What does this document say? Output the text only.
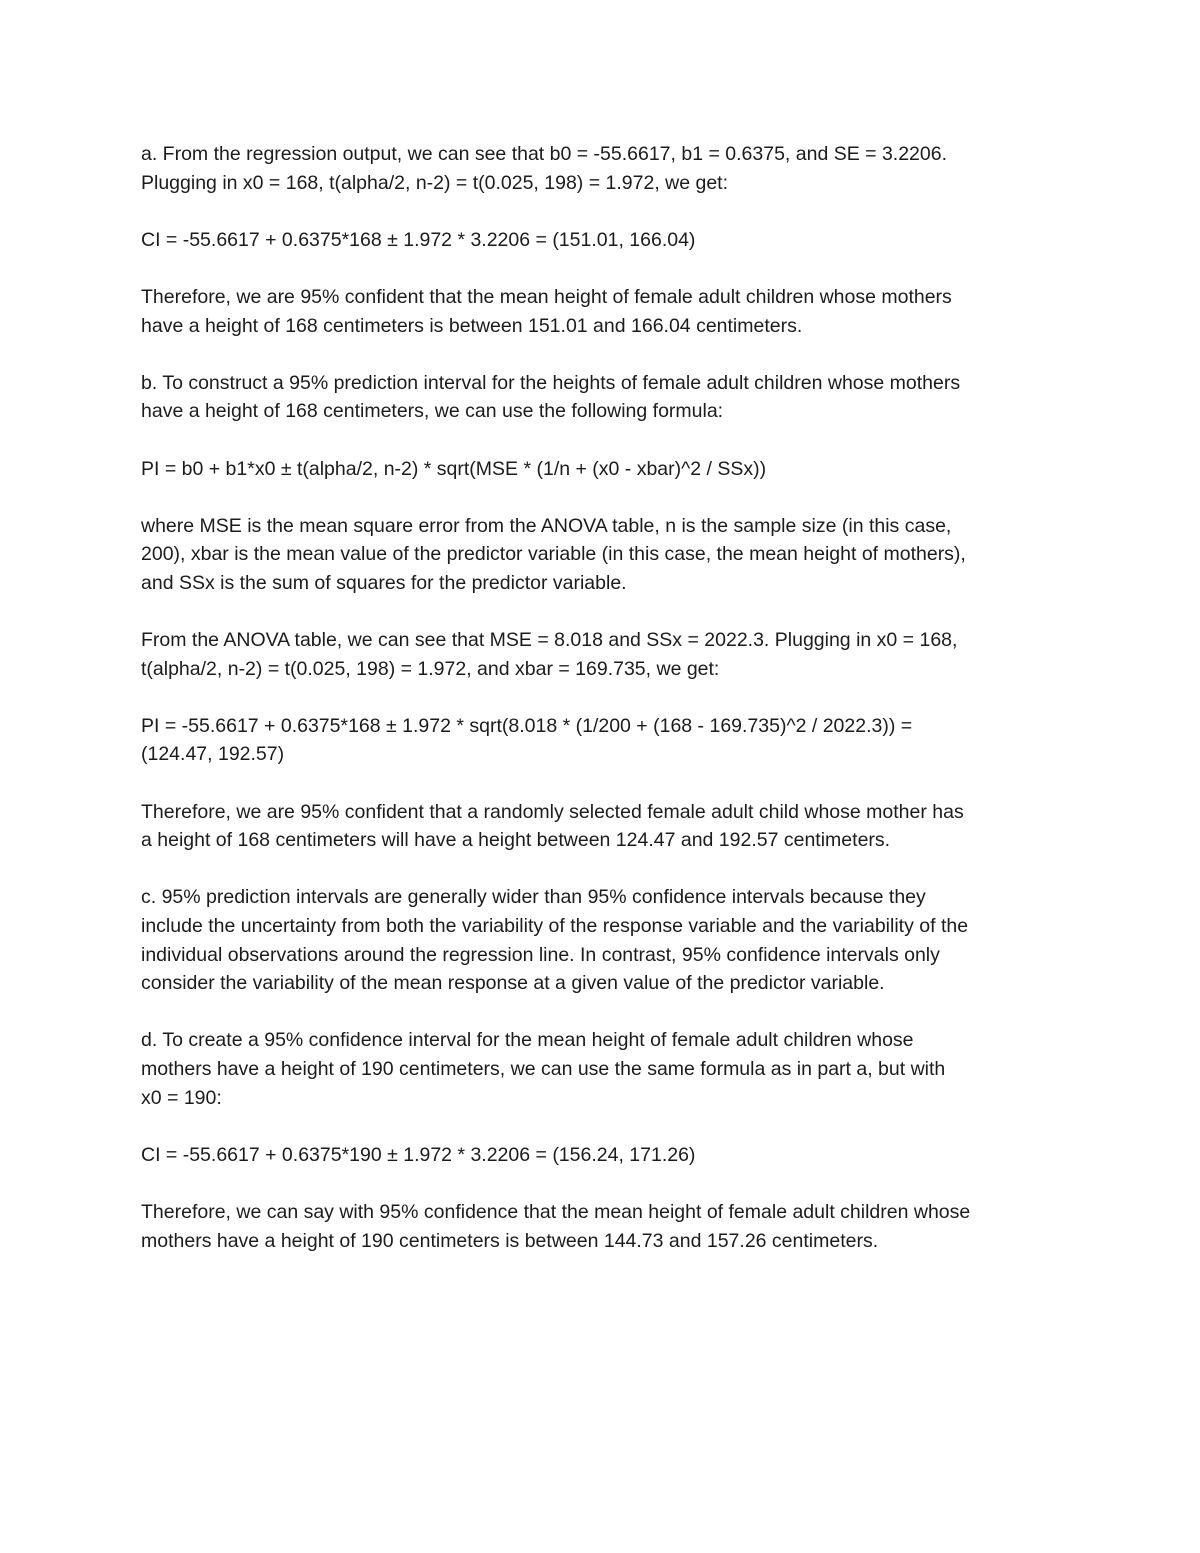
a. From the regression output, we can see that b0 = -55.6617, b1 = 0.6375, and SE = 3.2206.
Plugging in x0 = 168, t(alpha/2, n-2) = t(0.025, 198) = 1.972, we get:
CI = -55.6617 + 0.6375*168 ± 1.972 * 3.2206 = (151.01, 166.04)
Therefore, we are 95% confident that the mean height of female adult children whose mothers
have a height of 168 centimeters is between 151.01 and 166.04 centimeters.
b. To construct a 95% prediction interval for the heights of female adult children whose mothers
have a height of 168 centimeters, we can use the following formula:
PI = b0 + b1*x0 ± t(alpha/2, n-2) * sqrt(MSE * (1/n + (x0 - xbar)^2 / SSx))
where MSE is the mean square error from the ANOVA table, n is the sample size (in this case,
200), xbar is the mean value of the predictor variable (in this case, the mean height of mothers),
and SSx is the sum of squares for the predictor variable.
From the ANOVA table, we can see that MSE = 8.018 and SSx = 2022.3. Plugging in x0 = 168,
t(alpha/2, n-2) = t(0.025, 198) = 1.972, and xbar = 169.735, we get:
PI = -55.6617 + 0.6375*168 ± 1.972 * sqrt(8.018 * (1/200 + (168 - 169.735)^2 / 2022.3)) =
(124.47, 192.57)
Therefore, we are 95% confident that a randomly selected female adult child whose mother has
a height of 168 centimeters will have a height between 124.47 and 192.57 centimeters.
c. 95% prediction intervals are generally wider than 95% confidence intervals because they
include the uncertainty from both the variability of the response variable and the variability of the
individual observations around the regression line. In contrast, 95% confidence intervals only
consider the variability of the mean response at a given value of the predictor variable.
d. To create a 95% confidence interval for the mean height of female adult children whose
mothers have a height of 190 centimeters, we can use the same formula as in part a, but with
x0 = 190:
CI = -55.6617 + 0.6375*190 ± 1.972 * 3.2206 = (156.24, 171.26)
Therefore, we can say with 95% confidence that the mean height of female adult children whose
mothers have a height of 190 centimeters is between 144.73 and 157.26 centimeters.
